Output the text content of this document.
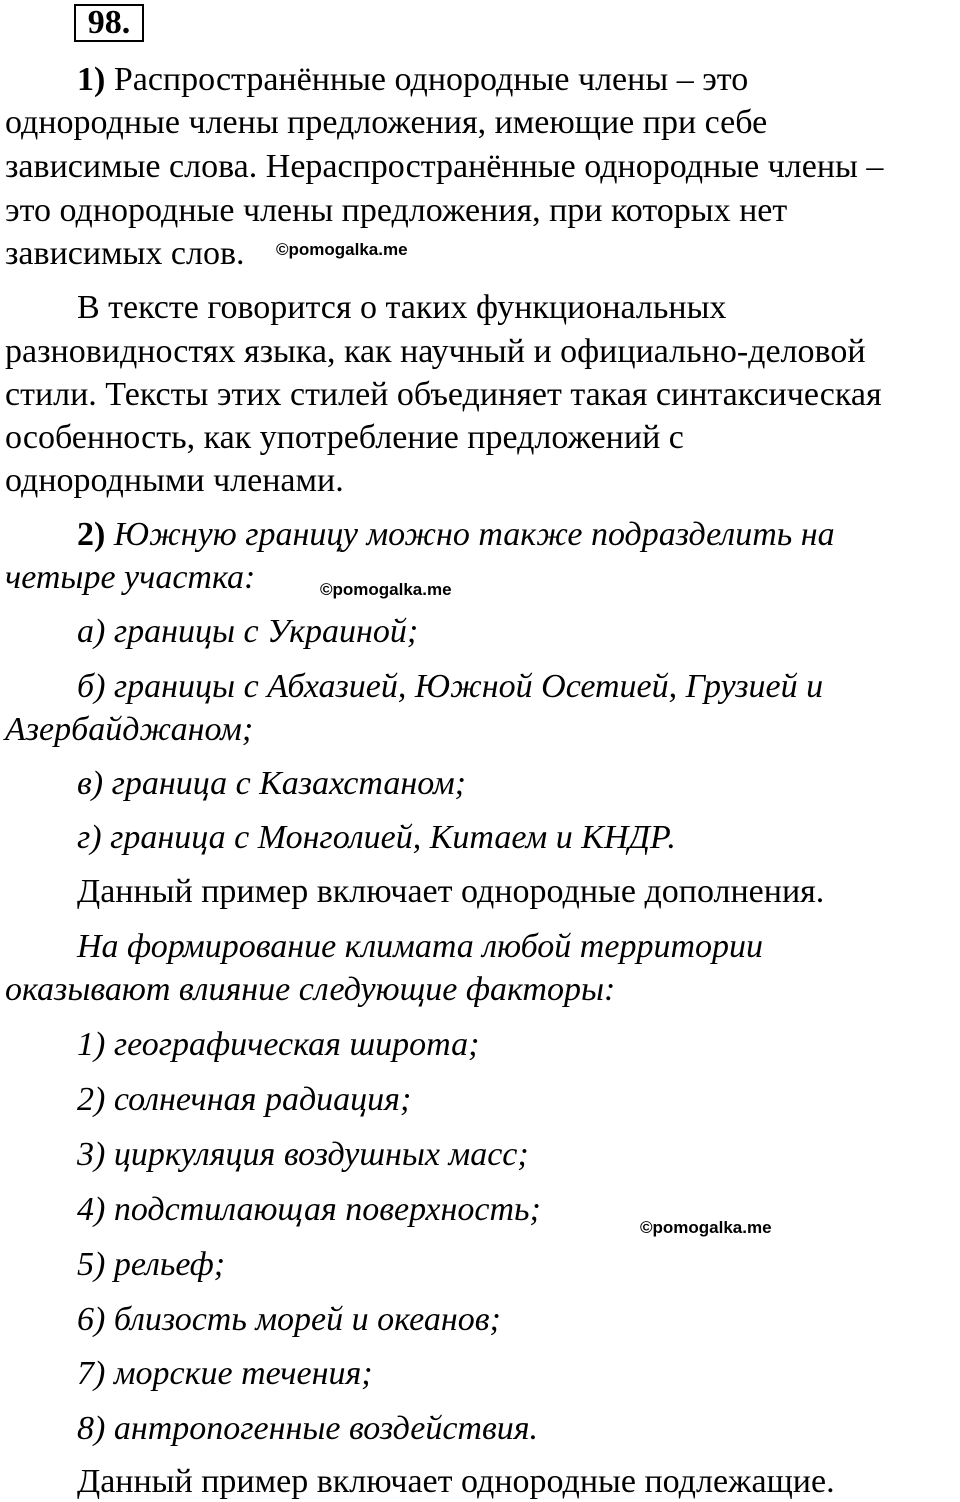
98.
1) Распространённые однородные члены – это
однородные члены предложения, имеющие при себе
зависимые слова. Нераспространённые однородные члены –
это однородные члены предложения, при которых нет
зависимых слов. ©pomogalka.me
В тексте говорится о таких функциональных
разновидностях языка, как научный и официально-деловой
стили. Тексты этих стилей объединяет такая синтаксическая
особенность, как употребление предложений с
однородными членами.
2) Южную границу можно также подразделить на
четыре участка:	©pomogalka.me
а) границы с Украиной;
б) границы с Абхазией, Южной Осетией, Грузией и
Азербайджаном;
в) граница с Казахстаном;
г) граница с Монголией, Китаем и КНДР.
Данный пример включает однородные дополнения.
На формирование климата любой территории
оказывают влияние следующие факторы:
1) географическая широта;
2) солнечная радиация;
3) циркуляция воздушных масс;
4) подстилающая поверхность;	©pomogalka.me
5) рельеф;
6) близость морей и океанов;
7) морские течения;
8) антропогенные воздействия.
Данный пример включает однородные подлежащие.
